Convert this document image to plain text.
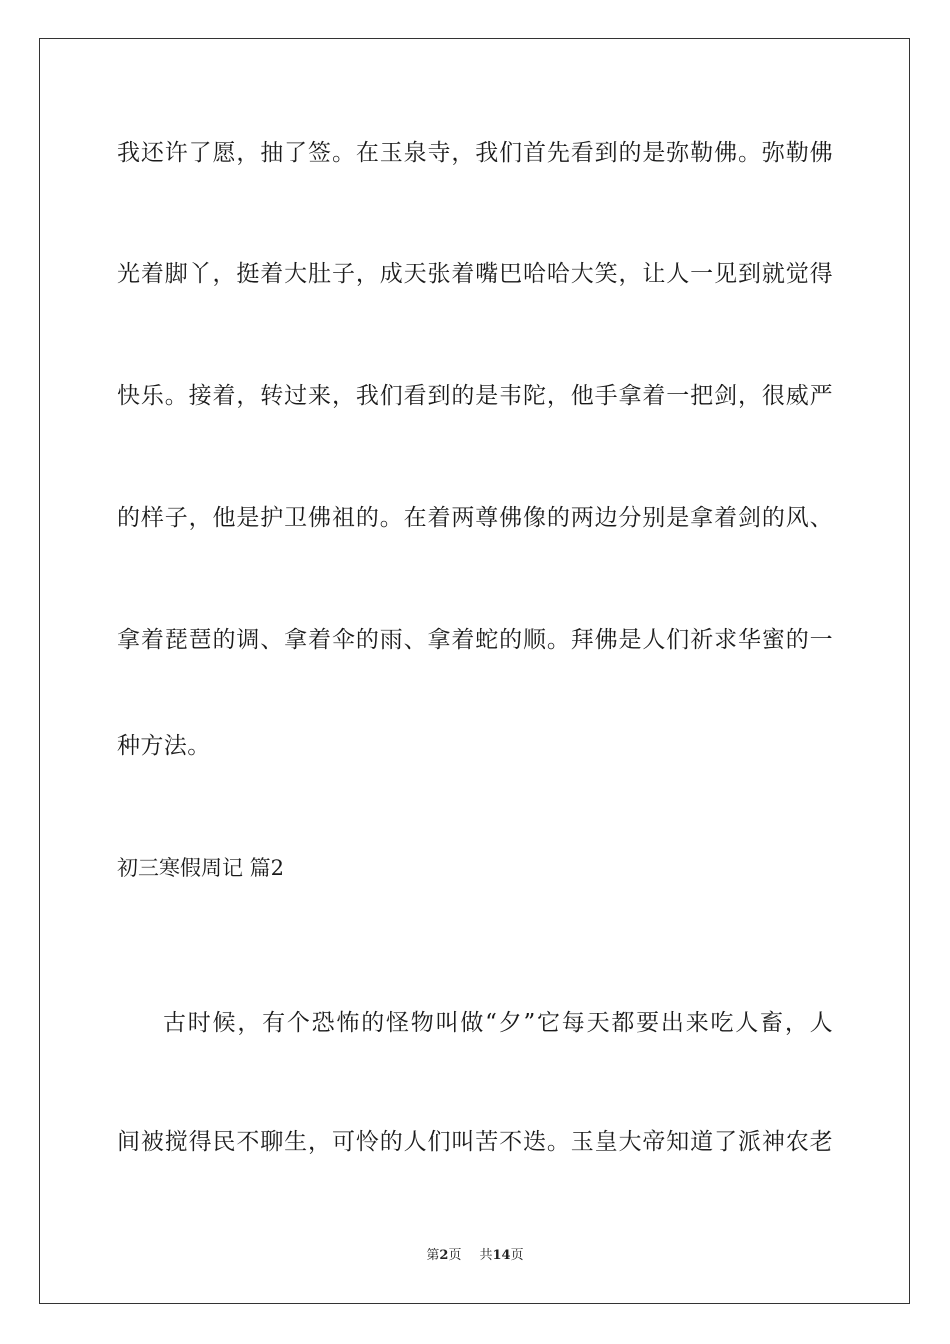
我还许了愿，抽了签。在玉泉寺，我们首先看到的是弥勒佛。弥勒佛
光着脚丫，挺着大肚子，成天张着嘴巴哈哈大笑，让人一见到就觉得
快乐。接着，转过来，我们看到的是韦陀，他手拿着一把剑，很威严
的样子，他是护卫佛祖的。在着两尊佛像的两边分别是拿着剑的风、
拿着琵琶的调、拿着伞的雨、拿着蛇的顺。拜佛是人们祈求华蜜的一
种方法。
初三寒假周记 篇2
古时候，有个恐怖的怪物叫做“夕”它每天都要出来吃人畜，人
间被搅得民不聊生，可怜的人们叫苦不迭。玉皇大帝知道了派神农老
第2页 共14页
